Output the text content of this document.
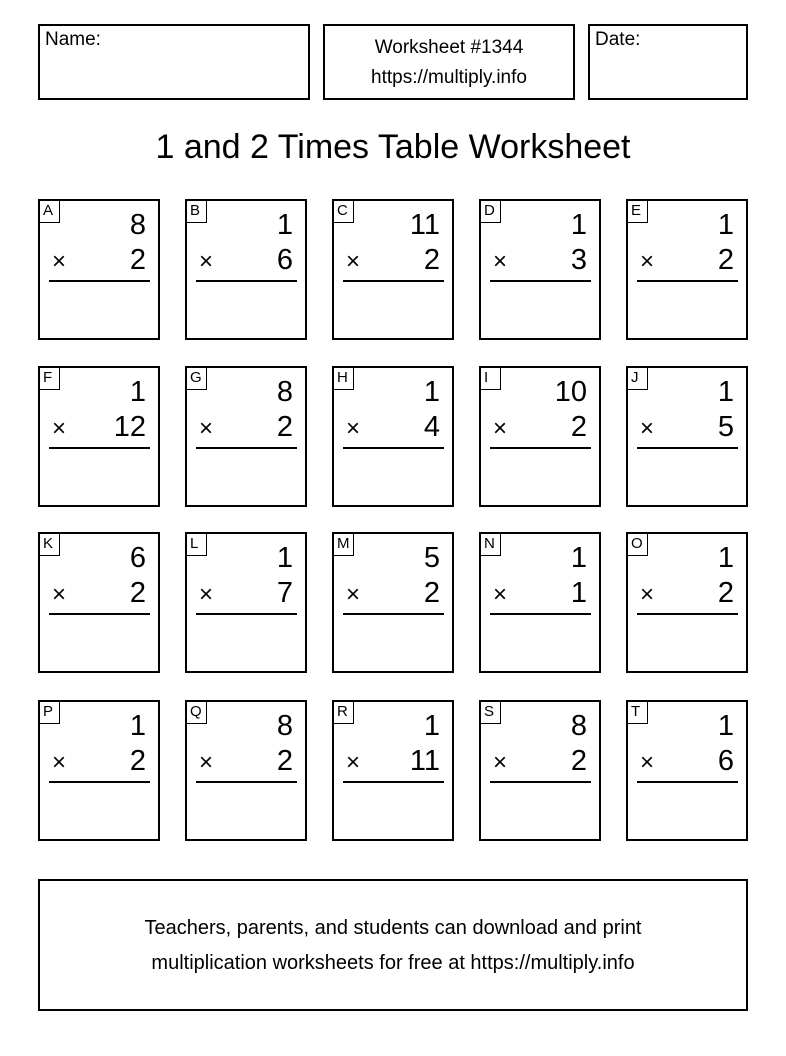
Name:	Worksheet #1344
https://multiply.info
Date:
1 and 2 Times Table Worksheet
A	8
× 2
B	1
× 6
C 11
× 2
D	1
× 3
E	1
× 2
F	1
× 12
G	8
× 2
H	1
× 4
I	10
× 2
J	1
× 5
K	6
× 2
L	1
× 7
M	5
× 2
N	1
× 1
O	1
× 2
P	1
× 2
Q	8
× 2
R	1
× 11
S	8
× 2
T	1
× 6
Teachers, parents, and students can download and print
multiplication worksheets for free at https://multiply.info
